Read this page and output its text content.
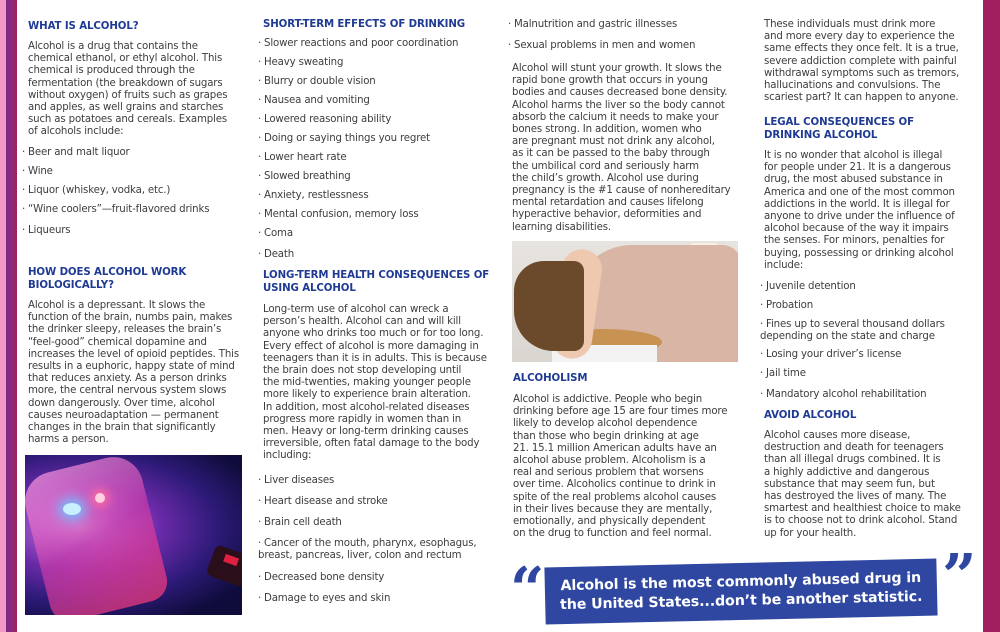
WHAT IS ALCOHOL?
Alcohol is a drug that contains the
chemical ethanol, or ethyl alcohol. This
chemical is produced through the
fermentation (the breakdown of sugars
without oxygen) of fruits such as grapes
and apples, as well grains and starches
such as potatoes and cereals. Examples
of alcohols include:
· Beer and malt liquor
· Wine
· Liquor (whiskey, vodka, etc.)
· “Wine coolers”—fruit-flavored drinks
· Liqueurs
HOW DOES ALCOHOL WORK
BIOLOGICALLY?
Alcohol is a depressant. It slows the
function of the brain, numbs pain, makes
the drinker sleepy, releases the brain’s
“feel-good” chemical dopamine and
increases the level of opioid peptides. This
results in a euphoric, happy state of mind
that reduces anxiety. As a person drinks
more, the central nervous system slows
down dangerously. Over time, alcohol
causes neuroadaptation — permanent
changes in the brain that significantly
harms a person.
SHORT-TERM EFFECTS OF DRINKING
· Slower reactions and poor coordination
· Heavy sweating
· Blurry or double vision
· Nausea and vomiting
· Lowered reasoning ability
· Doing or saying things you regret
· Lower heart rate
· Slowed breathing
· Anxiety, restlessness
· Mental confusion, memory loss
· Coma
· Death
LONG-TERM HEALTH CONSEQUENCES OF
USING ALCOHOL
Long-term use of alcohol can wreck a
person’s health. Alcohol can and will kill
anyone who drinks too much or for too long.
Every effect of alcohol is more damaging in
teenagers than it is in adults. This is because
the brain does not stop developing until
the mid-twenties, making younger people
more likely to experience brain alteration.
In addition, most alcohol-related diseases
progress more rapidly in women than in
men. Heavy or long-term drinking causes
irreversible, often fatal damage to the body
including:
· Liver diseases
· Heart disease and stroke
· Brain cell death
· Cancer of the mouth, pharynx, esophagus,
breast, pancreas, liver, colon and rectum
· Decreased bone density
· Damage to eyes and skin
· Malnutrition and gastric illnesses
· Sexual problems in men and women
Alcohol will stunt your growth. It slows the
rapid bone growth that occurs in young
bodies and causes decreased bone density.
Alcohol harms the liver so the body cannot
absorb the calcium it needs to make your
bones strong. In addition, women who
are pregnant must not drink any alcohol,
as it can be passed to the baby through
the umbilical cord and seriously harm
the child’s growth. Alcohol use during
pregnancy is the #1 cause of nonhereditary
mental retardation and causes lifelong
hyperactive behavior, deformities and
learning disabilities.
ALCOHOLISM
Alcohol is addictive. People who begin
drinking before age 15 are four times more
likely to develop alcohol dependence
than those who begin drinking at age
21. 15.1 million American adults have an
alcohol abuse problem. Alcoholism is a
real and serious problem that worsens
over time. Alcoholics continue to drink in
spite of the real problems alcohol causes
in their lives because they are mentally,
emotionally, and physically dependent
on the drug to function and feel normal.
These individuals must drink more
and more every day to experience the
same effects they once felt. It is a true,
severe addiction complete with painful
withdrawal symptoms such as tremors,
hallucinations and convulsions. The
scariest part? It can happen to anyone.
LEGAL CONSEQUENCES OF
DRINKING ALCOHOL
It is no wonder that alcohol is illegal
for people under 21. It is a dangerous
drug, the most abused substance in
America and one of the most common
addictions in the world. It is illegal for
anyone to drive under the influence of
alcohol because of the way it impairs
the senses. For minors, penalties for
buying, possessing or drinking alcohol
include:
· Juvenile detention
· Probation
· Fines up to several thousand dollars
depending on the state and charge
· Losing your driver’s license
· Jail time
· Mandatory alcohol rehabilitation
AVOID ALCOHOL
Alcohol causes more disease,
destruction and death for teenagers
than all illegal drugs combined. It is
a highly addictive and dangerous
substance that may seem fun, but
has destroyed the lives of many. The
smartest and healthiest choice to make
is to choose not to drink alcohol. Stand
up for your health.
“	”
Alcohol is the most commonly abused drug in
the United States...don’t be another statistic.
